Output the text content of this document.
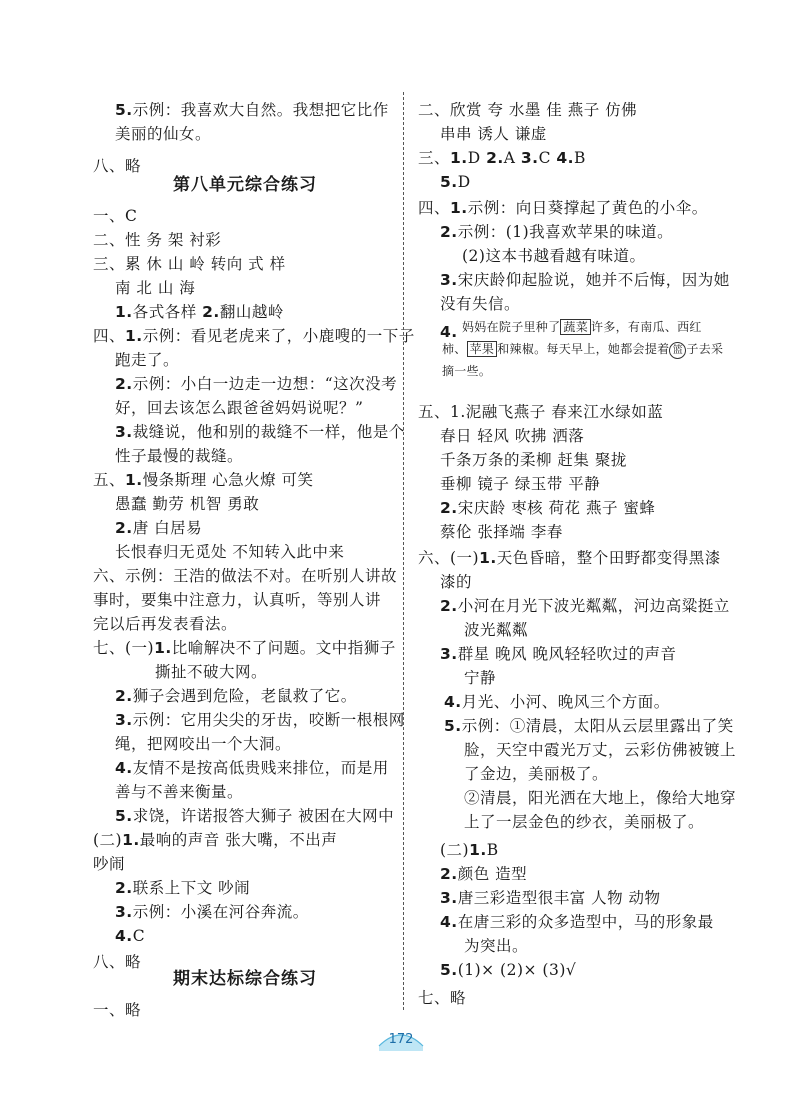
5.示例：我喜欢大自然。我想把它比作
美丽的仙女。
八、略
第八单元综合练习
一、C
二、性 务 架 衬彩
三、累 休 山 岭 转向 式 样
南 北 山 海
1.各式各样 2.翻山越岭
四、1.示例：看见老虎来了，小鹿嗖的一下子
跑走了。
2.示例：小白一边走一边想：“这次没考
好，回去该怎么跟爸爸妈妈说呢？”
3.裁缝说，他和别的裁缝不一样，他是个
性子最慢的裁缝。
五、1.慢条斯理 心急火燎 可笑
愚蠢 勤劳 机智 勇敢
2.唐 白居易
长恨春归无觅处 不知转入此中来
六、示例：王浩的做法不对。在听别人讲故
事时，要集中注意力，认真听，等别人讲
完以后再发表看法。
七、(一)1.比喻解决不了问题。文中指狮子
撕扯不破大网。
2.狮子会遇到危险，老鼠救了它。
3.示例：它用尖尖的牙齿，咬断一根根网
绳，把网咬出一个大洞。
4.友情不是按高低贵贱来排位，而是用
善与不善来衡量。
5.求饶，许诺报答大狮子 被困在大网中
(二)1.最响的声音 张大嘴，不出声
吵闹
2.联系上下文 吵闹
3.示例：小溪在河谷奔流。
4.C
八、略
期末达标综合练习
一、略
二、欣赏 夸 水墨 佳 燕子 仿佛
串串 诱人 谦虚
三、1.D 2.A 3.C 4.B
5.D
四、1.示例：向日葵撑起了黄色的小伞。
2.示例：(1)我喜欢苹果的味道。
(2)这本书越看越有味道。
3.宋庆龄仰起脸说，她并不后悔，因为她
没有失信。
4.
五、1.泥融飞燕子 春来江水绿如蓝
春日 轻风 吹拂 洒落
千条万条的柔柳 赶集 聚拢
垂柳 镜子 绿玉带 平静
2.宋庆龄 枣核 荷花 燕子 蜜蜂
蔡伦 张择端 李春
六、(一)1.天色昏暗，整个田野都变得黑漆
漆的
2.小河在月光下波光粼粼，河边高粱挺立
波光粼粼
3.群星 晚风 晚风轻轻吹过的声音
宁静
4.月光、小河、晚风三个方面。
5.示例：①清晨，太阳从云层里露出了笑
脸，天空中霞光万丈，云彩仿佛被镀上
了金边，美丽极了。
②清晨，阳光洒在大地上，像给大地穿
上了一层金色的纱衣，美丽极了。
(二)1.B
2.颜色 造型
3.唐三彩造型很丰富 人物 动物
4.在唐三彩的众多造型中，马的形象最
为突出。
5.(1)× (2)× (3)√
七、略
妈妈在院子里种了 蔬菜 许多，有南瓜、西红
柿、 苹果 和辣椒。每天早上，她都会提着 篮 子去采
摘一些。
172
